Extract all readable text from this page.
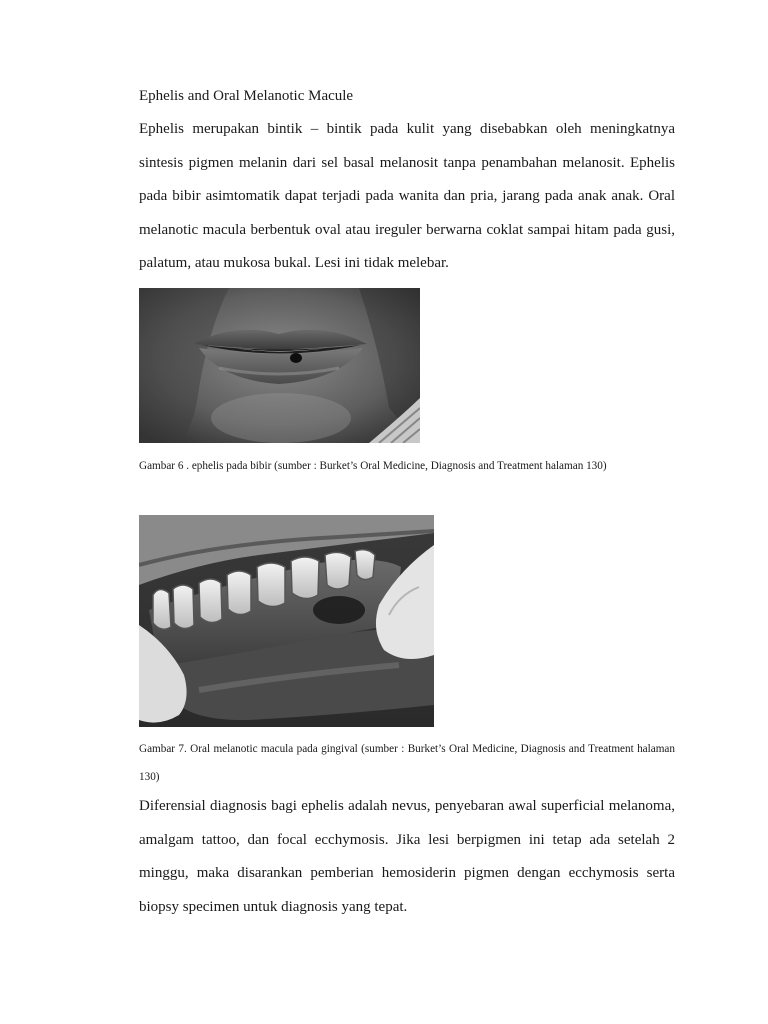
Ephelis and Oral Melanotic Macule

Ephelis merupakan bintik – bintik pada kulit yang disebabkan oleh meningkatnya sintesis pigmen melanin dari sel basal melanosit tanpa penambahan melanosit. Ephelis pada bibir asimtomatik dapat terjadi pada wanita dan pria, jarang pada anak anak. Oral melanotic macula berbentuk oval atau ireguler berwarna coklat sampai hitam pada gusi, palatum, atau mukosa bukal. Lesi ini tidak melebar.

Gambar 6 . ephelis pada bibir (sumber : Burket’s Oral Medicine, Diagnosis and Treatment halaman 130)

Gambar 7. Oral melanotic macula pada gingival (sumber : Burket’s Oral Medicine, Diagnosis and Treatment halaman 130)

Diferensial diagnosis bagi ephelis adalah nevus, penyebaran awal superficial melanoma, amalgam tattoo, dan focal ecchymosis. Jika lesi berpigmen ini tetap ada setelah 2 minggu, maka disarankan pemberian hemosiderin pigmen dengan ecchymosis serta biopsy specimen untuk diagnosis yang tepat.
